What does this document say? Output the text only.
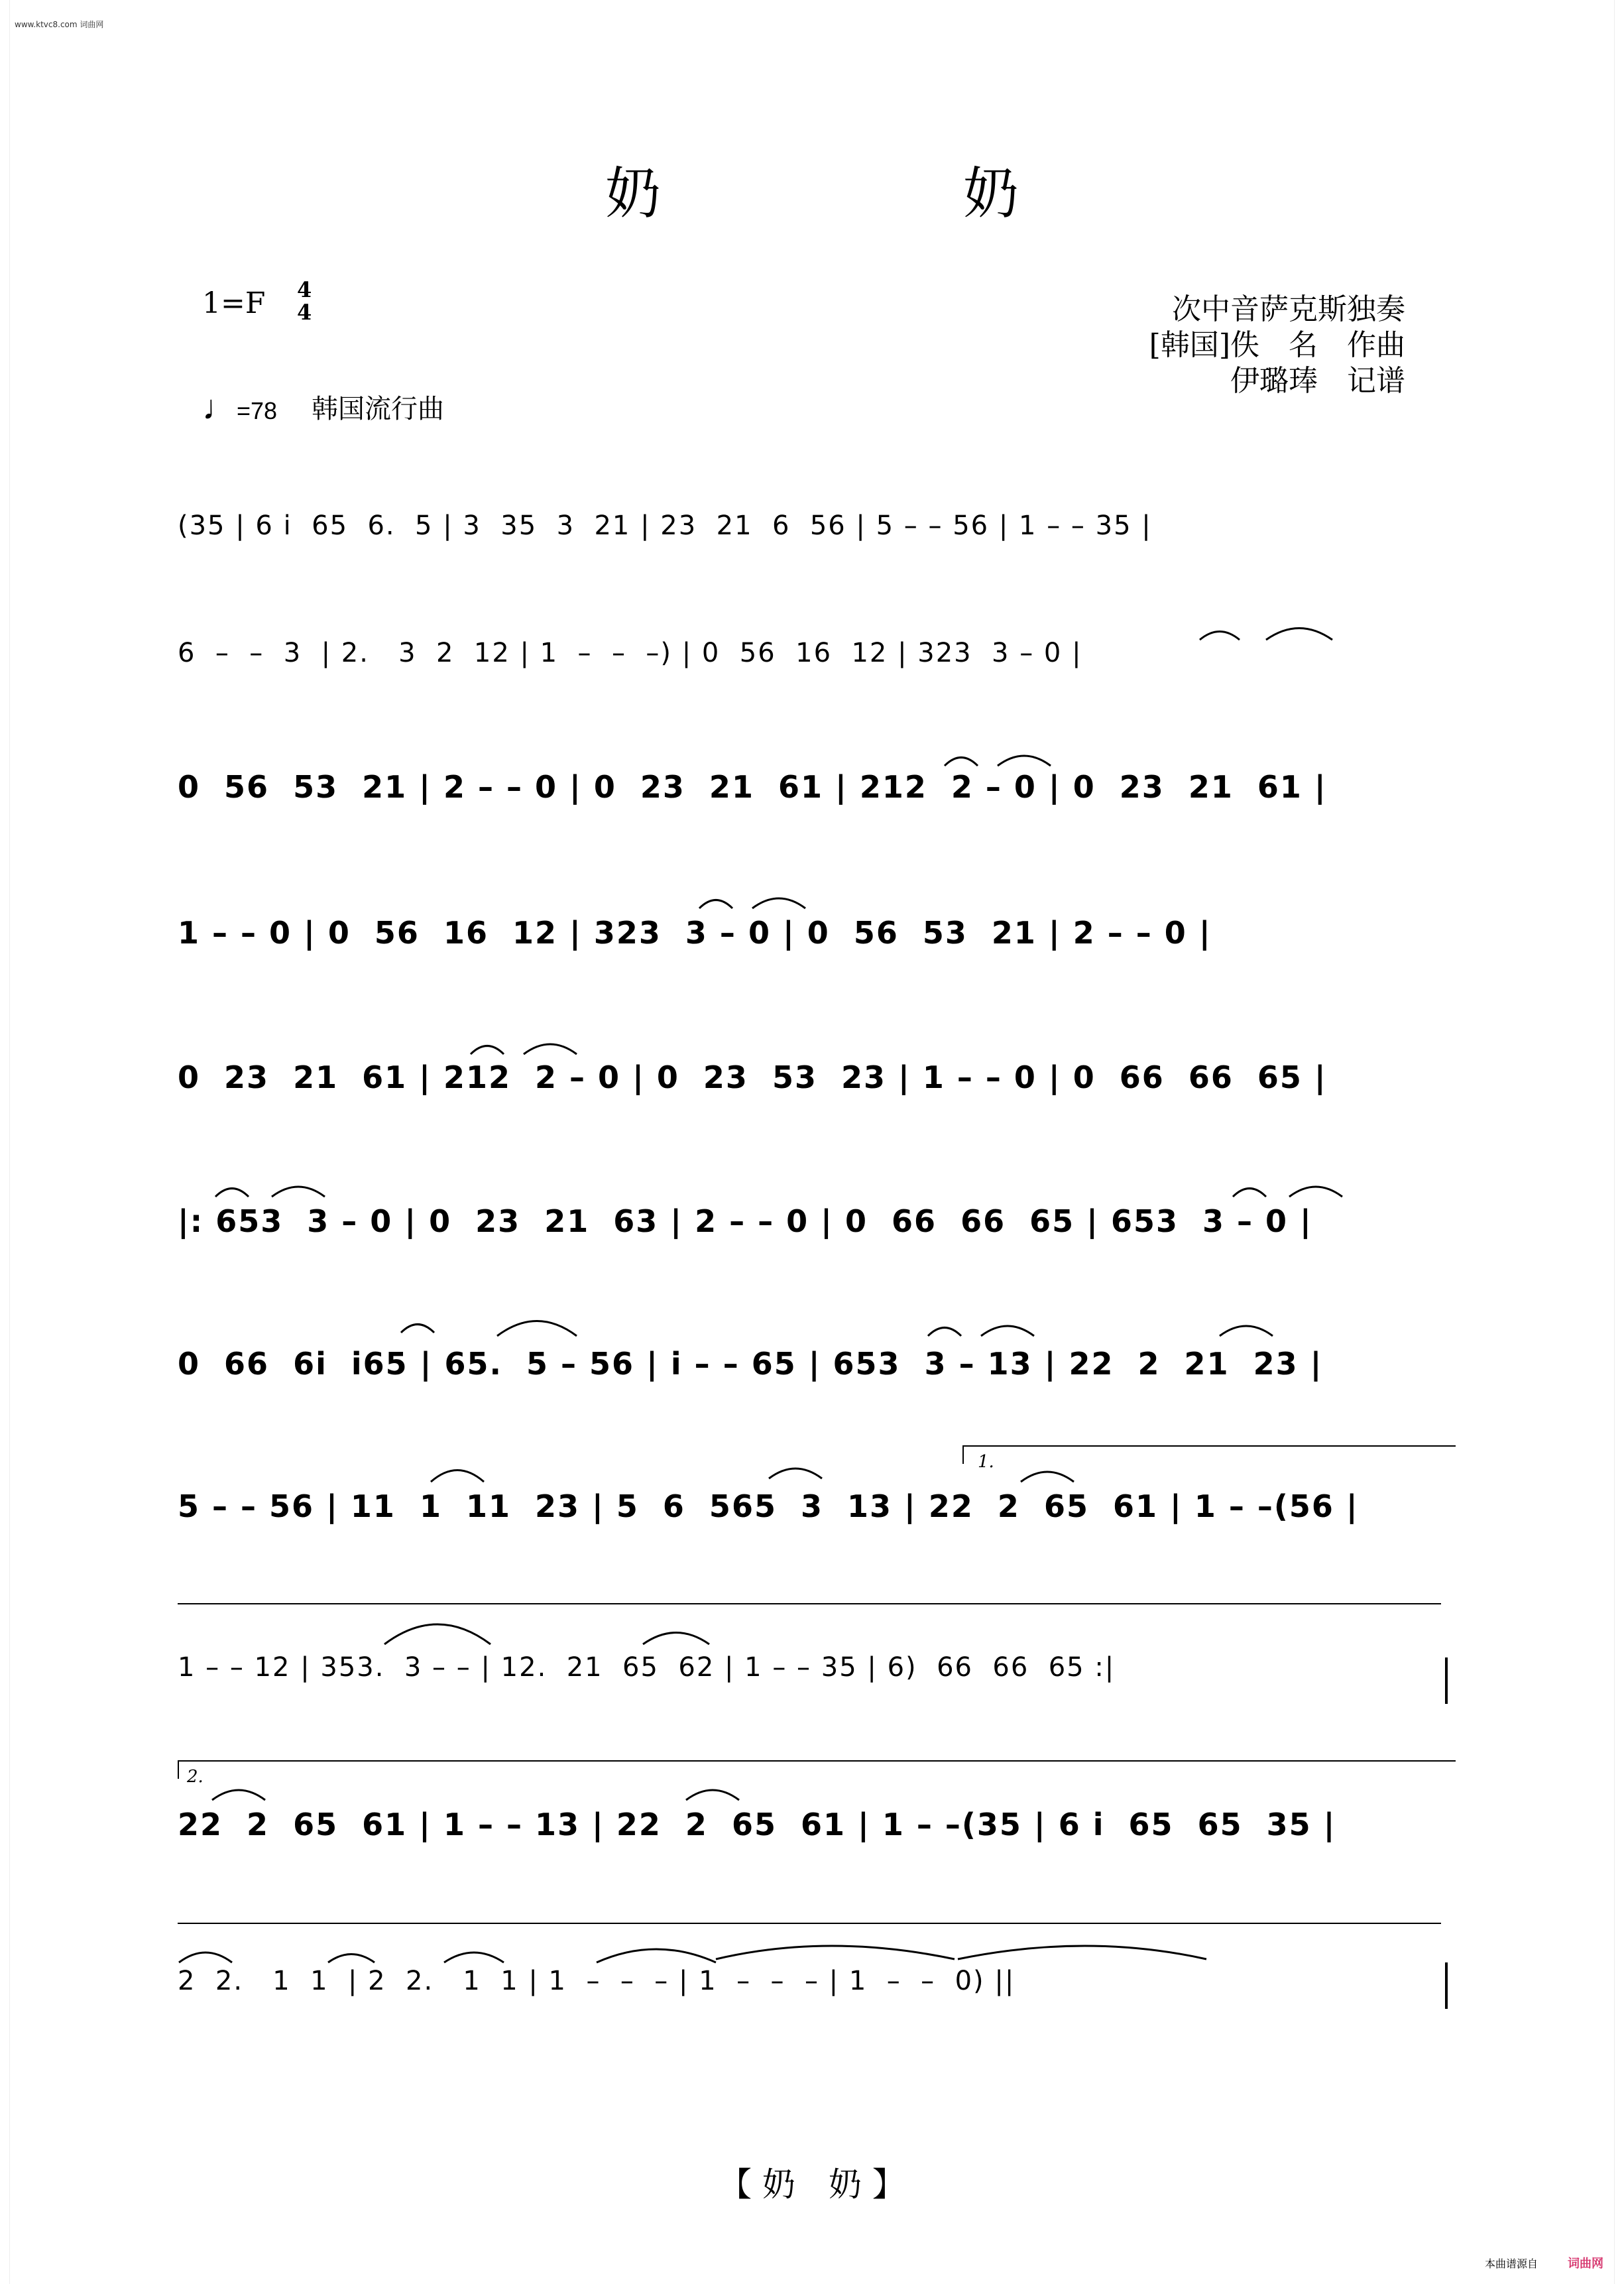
www.ktvc8.com 词曲网
奶	奶
1=F 4
4
♩=78 韩国流行曲
次中音萨克斯独奏
[韩国]佚　名　作曲
伊璐琫　记谱
(35 | 6 i  65  6.  5 | 3  35  3  21 | 23  21  6  56 | 5 – – 56 | 1 – – 35 |
6  –  –  3  | 2.   3  2  12 | 1  –  –  –) | 0  56  16  12 | 323  3 – 0 |
0  56  53  21 | 2 – – 0 | 0  23  21  61 | 212  2 – 0 | 0  23  21  61 |
1 – – 0 | 0  56  16  12 | 323  3 – 0 | 0  56  53  21 | 2 – – 0 |
0  23  21  61 | 212  2 – 0 | 0  23  53  23 | 1 – – 0 | 0  66  66  65 |
|: 653  3 – 0 | 0  23  21  63 | 2 – – 0 | 0  66  66  65 | 653  3 – 0 |
0  66  6i  i65 | 65.  5 – 56 | i – – 65 | 653  3 – 13 | 22  2  21  23 |
5 – – 56 | 11  1  11  23 | 5  6  565  3  13 | 22  2  65  61 | 1 – –(56 |
1 – – 12 | 353.  3 – – | 12.  21  65  62 | 1 – – 35 | 6)  66  66  65 :|
22  2  65  61 | 1 – – 13 | 22  2  65  61 | 1 – –(35 | 6 i  65  65  35 |
2  2.   1  1  | 2  2.   1  1 | 1  –  –  – | 1  –  –  – | 1  –  –  0) ||
1.
2.
【 奶　奶 】
本曲谱源自 词曲网
